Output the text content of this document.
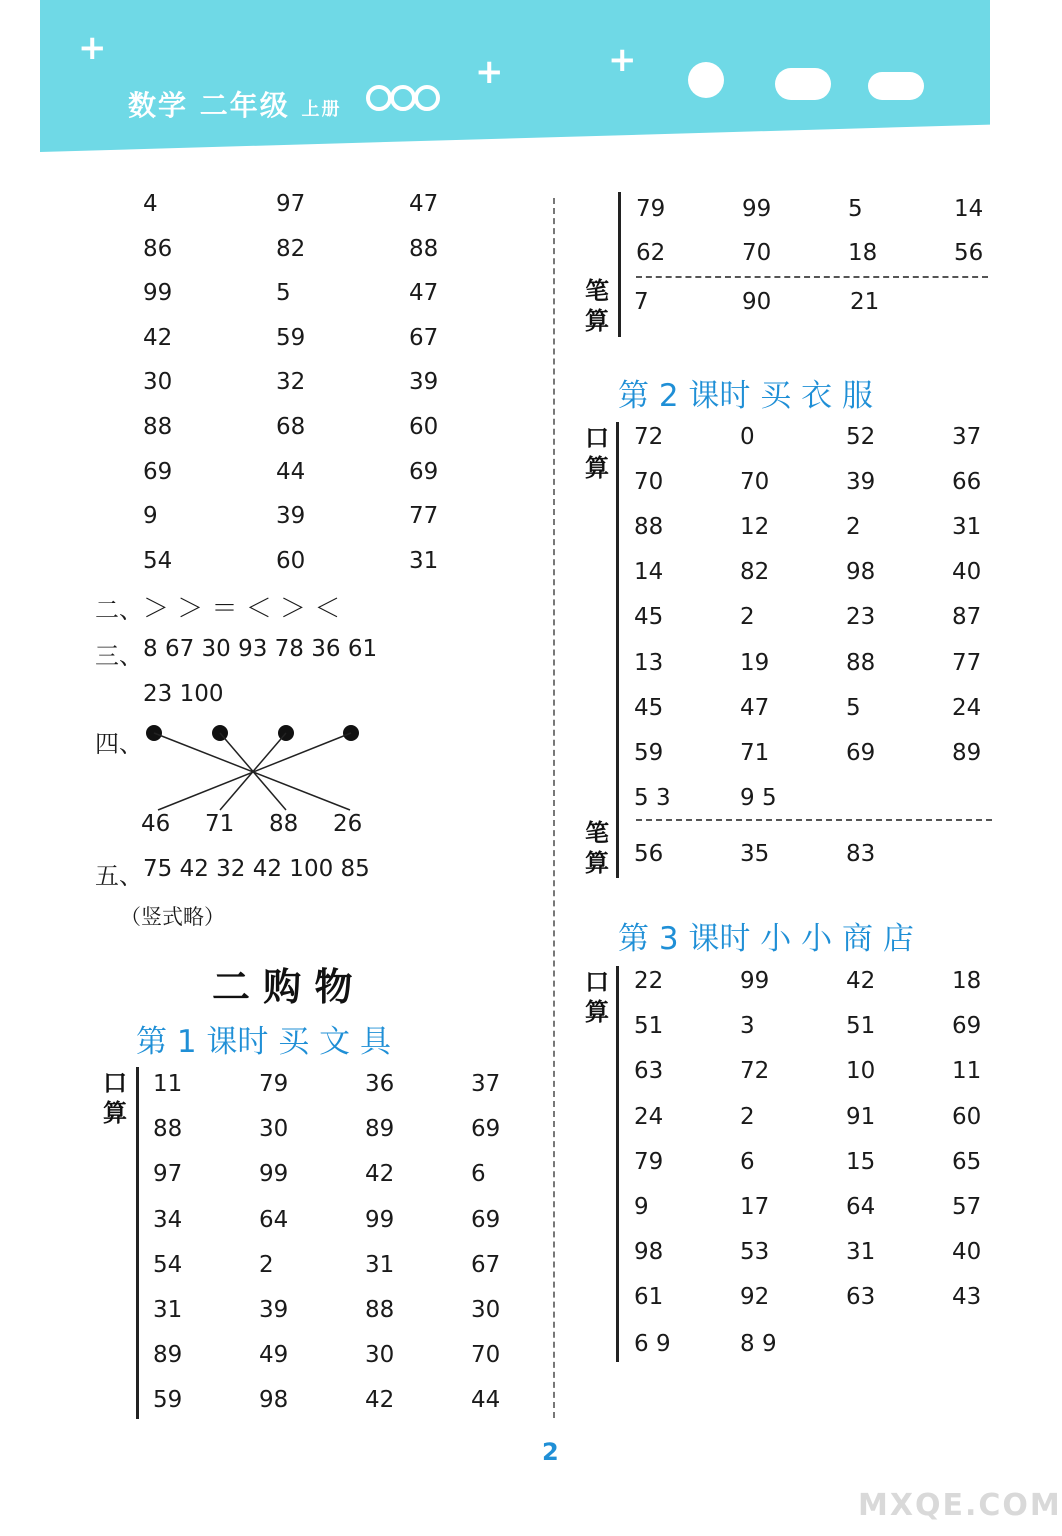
+
+	+
数学 二年级 上册
4	97	47
86	82	88
99	5	47
42	59	67
30	32	39
88	68	60
69	44	69
9	39	77
54	60	31
二、 ＞ ＞ ＝ ＜ ＞ ＜
三、 8 67 30 93 78 36 61
23 100
四、
46 71 88 26
五、 75 42 32 42 100 85
（竖式略）
二 购 物
第 1 课时 买 文 具
口
算
11	79	36	37
88	30	89	69
97	99	42	6
34	64	99	69
54	2	31	67
31	39	88	30
89	49	30	70
59	98	42	44
79	99	5	14
62	70	18	56
笔
算
7	90	21
第 2 课时 买 衣 服
口
算
72	0	52	37
70	70	39	66
88	12	2	31
14	82	98	40
45	2	23	87
13	19	88	77
45	47	5	24
59	71	69	89
5 3	9 5
笔
算 56	35	83
第 3 课时 小 小 商 店
口
算
22	99	42	18
51	3	51	69
63	72	10	11
24	2	91	60
79	6	15	65
9	17	64	57
98	53	31	40
61	92	63	43
6 9	8 9
2
MXQE.COM
